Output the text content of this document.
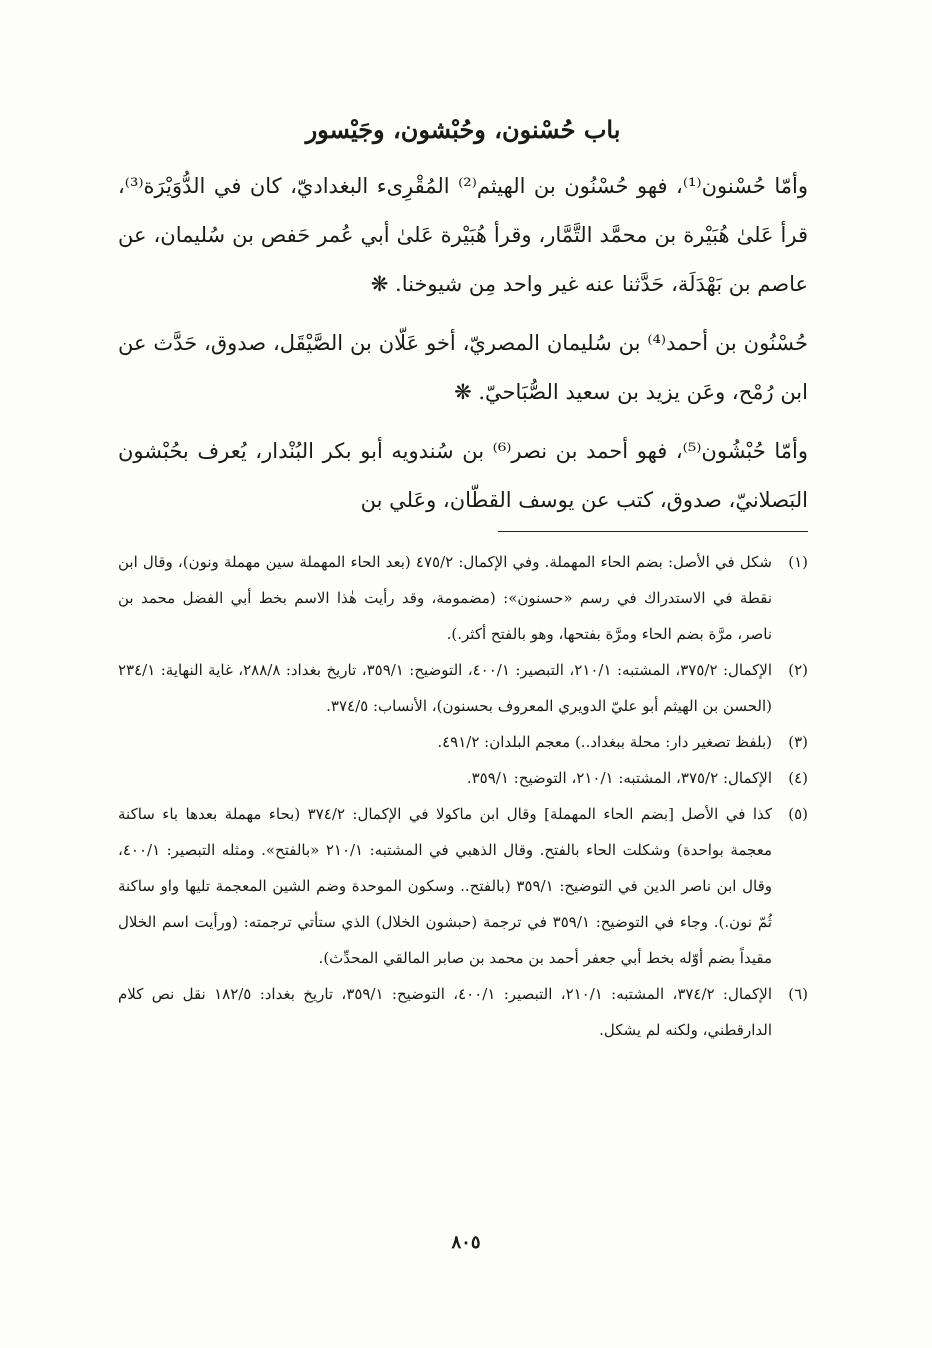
باب حُسْنون، وحُبْشون، وجَيْسور

وأمّا حُسْنون⁽¹⁾، فهو حُسْنُون بن الهيثم⁽²⁾ المُقْرِىء البغداديّ، كان في الدُّوَيْرَة⁽³⁾، قرأ عَلىٰ هُبَيْرة بن محمَّد التَّمَّار، وقرأ هُبَيْرة عَلىٰ أبي عُمر حَفص بن سُليمان، عن عاصم بن بَهْدَلَة، حَدَّثنا عنه غير واحد مِن شيوخنا. ❋

حُسْنُون بن أحمد⁽⁴⁾ بن سُليمان المصريّ، أخو عَلّان بن الصَّيْقَل، صدوق، حَدَّث عن ابن رُمْح، وعَن يزيد بن سعيد الصُّبَاحيّ. ❋

وأمّا حُبْشُون⁽⁵⁾، فهو أحمد بن نصر⁽⁶⁾ بن سُندويه أبو بكر البُنْدار، يُعرف بحُبْشون البَصلانيّ، صدوق، كتب عن يوسف القطّان، وعَلي بن

(١)
شكل في الأصل: بضم الحاء المهملة. وفي الإكمال: ٤٧٥/٢ (بعد الحاء المهملة سين مهملة ونون)، وقال ابن نقطة في الاستدراك في رسم «حسنون»: (مضمومة، وقد رأيت هٰذا الاسم بخط أبي الفضل محمد بن ناصر، مرَّة بضم الحاء ومرَّة بفتحها، وهو بالفتح أكثر.).

(٢)
الإكمال: ٣٧٥/٢، المشتبه: ٢١٠/١، التبصير: ٤٠٠/١، التوضيح: ٣٥٩/١، تاريخ بغداد: ٢٨٨/٨، غاية النهاية: ٢٣٤/١ (الحسن بن الهيثم أبو عليّ الدويري المعروف بحسنون)، الأنساب: ٣٧٤/٥.

(٣)
(بلفظ تصغير دار: محلة ببغداد..) معجم البلدان: ٤٩١/٢.

(٤)
الإكمال: ٣٧٥/٢، المشتبه: ٢١٠/١، التوضيح: ٣٥٩/١.

(٥)
كذا في الأصل [بضم الحاء المهملة] وقال ابن ماكولا في الإكمال: ٣٧٤/٢ (بحاء مهملة بعدها باء ساكنة معجمة بواحدة) وشكلت الحاء بالفتح. وقال الذهبي في المشتبه: ٢١٠/١ «بالفتح». ومثله التبصير: ٤٠٠/١، وقال ابن ناصر الدين في التوضيح: ٣٥٩/١ (بالفتح.. وسكون الموحدة وضم الشين المعجمة تليها واو ساكنة ثُمّ نون.). وجاء في التوضيح: ٣٥٩/١ في ترجمة (حبشون الخلال) الذي ستأتي ترجمته: (ورأيت اسم الخلال مقيداً بضم أوّله بخط أبي جعفر أحمد بن محمد بن صابر المالقي المحدِّث).

(٦)
الإكمال: ٣٧٤/٢، المشتبه: ٢١٠/١، التبصير: ٤٠٠/١، التوضيح: ٣٥٩/١، تاريخ بغداد: ١٨٢/٥ نقل نص كلام الدارقطني، ولكنه لم يشكل.

٨٠٥
